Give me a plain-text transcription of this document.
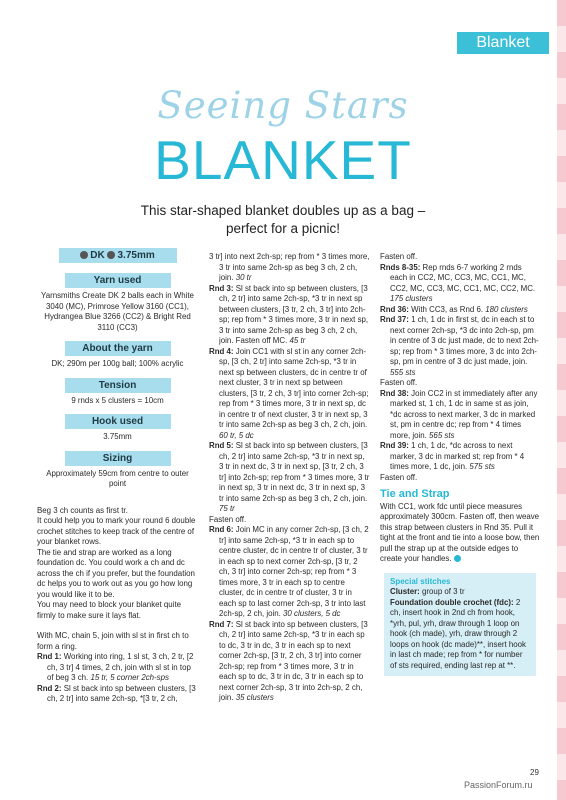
Blanket
Seeing Stars
BLANKET
This star-shaped blanket doubles up as a bag – perfect for a picnic!
DK 3.75mm
Yarn used

Yarnsmiths Create DK 2 balls each in White 3040 (MC), Primrose Yellow 3160 (CC1), Hydrangea Blue 3266 (CC2) & Bright Red 3110 (CC3)

About the yarn

DK; 290m per 100g ball; 100% acrylic

Tension

9 rnds x 5 clusters = 10cm

Hook used

3.75mm

Sizing

Approximately 59cm from centre to outer point

Beg 3 ch counts as first tr.

It could help you to mark your round 6 double crochet stitches to keep track of the centre of your blanket rows.

The tie and strap are worked as a long foundation dc. You could work a ch and dc across the ch if you prefer, but the foundation dc helps you to work out as you go how long you would like it to be.

You may need to block your blanket quite firmly to make sure it lays flat.

With MC, chain 5, join with sl st in first ch to form a ring.

Rnd 1: Working into ring, 1 sl st, 3 ch, 2 tr, [2 ch, 3 tr] 4 times, 2 ch, join with sl st in top of beg 3 ch. 15 tr, 5 corner 2ch-sps

Rnd 2: Sl st back into sp between clusters, [3 ch, 2 tr] into same 2ch-sp, *[3 tr, 2 ch,

3 tr] into next 2ch-sp; rep from * 3 times more, 3 tr into same 2ch-sp as beg 3 ch, 2 ch, join. 30 tr

Rnd 3: Sl st back into sp between clusters, [3 ch, 2 tr] into same 2ch-sp, *3 tr in next sp between clusters, [3 tr, 2 ch, 3 tr] into 2ch-sp; rep from * 3 times more, 3 tr in next sp, 3 tr into same 2ch-sp as beg 3 ch, 2 ch, join. Fasten off MC. 45 tr

Rnd 4: Join CC1 with sl st in any corner 2ch-sp, [3 ch, 2 tr] into same 2ch-sp, *3 tr in next sp between clusters, dc in centre tr of next cluster, 3 tr in next sp between clusters, [3 tr, 2 ch, 3 tr] into corner 2ch-sp; rep from * 3 times more, 3 tr in next sp, dc in centre tr of next cluster, 3 tr in next sp, 3 tr into same 2ch-sp as beg 3 ch, 2 ch, join. 60 tr, 5 dc

Rnd 5: Sl st back into sp between clusters, [3 ch, 2 tr] into same 2ch-sp, *3 tr in next sp, 3 tr in next dc, 3 tr in next sp, [3 tr, 2 ch, 3 tr] into 2ch-sp; rep from * 3 times more, 3 tr in next sp, 3 tr in next dc, 3 tr in next sp, 3 tr into same 2ch-sp as beg 3 ch, 2 ch, join. 75 tr

Fasten off.

Rnd 6: Join MC in any corner 2ch-sp, [3 ch, 2 tr] into same 2ch-sp, *3 tr in each sp to centre cluster, dc in centre tr of cluster, 3 tr in each sp to next corner 2ch-sp, [3 tr, 2 ch, 3 tr] into corner 2ch-sp; rep from * 3 times more, 3 tr in each sp to centre cluster, dc in centre tr of cluster, 3 tr in each sp to last corner 2ch-sp, 3 tr into last 2ch-sp, 2 ch, join. 30 clusters, 5 dc

Rnd 7: Sl st back into sp between clusters, [3 ch, 2 tr] into same 2ch-sp, *3 tr in each sp to dc, 3 tr in dc, 3 tr in each sp to next corner 2ch-sp, [3 tr, 2 ch, 3 tr] into corner 2ch-sp; rep from * 3 times more, 3 tr in each sp to dc, 3 tr in dc, 3 tr in each sp to next corner 2ch-sp, 3 tr into 2ch-sp, 2 ch, join. 35 clusters

Fasten off.

Rnds 8-35: Rep rnds 6-7 working 2 rnds each in CC2, MC, CC3, MC, CC1, MC, CC2, MC, CC3, MC, CC1, MC, CC2, MC. 175 clusters

Rnd 36: With CC3, as Rnd 6. 180 clusters

Rnd 37: 1 ch, 1 dc in first st, dc in each st to next corner 2ch-sp, *3 dc into 2ch-sp, pm in centre of 3 dc just made, dc to next 2ch-sp; rep from * 3 times more, 3 dc into 2ch-sp, pm in centre of 3 dc just made, join. 555 sts

Fasten off.

Rnd 38: Join CC2 in st immediately after any marked st, 1 ch, 1 dc in same st as join, *dc across to next marker, 3 dc in marked st, pm in centre dc; rep from * 4 times more, join. 565 sts

Rnd 39: 1 ch, 1 dc, *dc across to next marker, 3 dc in marked st; rep from * 4 times more, 1 dc, join. 575 sts

Fasten off.

Tie and Strap

With CC1, work fdc until piece measures approximately 300cm. Fasten off, then weave this strap between clusters in Rnd 35. Pull it tight at the front and tie into a loose bow, then pull the strap up at the outside edges to create your handles.

Special stitches

Cluster: group of 3 tr

Foundation double crochet (fdc): 2 ch, insert hook in 2nd ch from hook, *yrh, pul, yrh, draw through 1 loop on hook (ch made), yrh, draw through 2 loops on hook (dc made)**, insert hook in last ch made; rep from * for number of sts required, ending last rep at **.

29
PassionForum.ru
